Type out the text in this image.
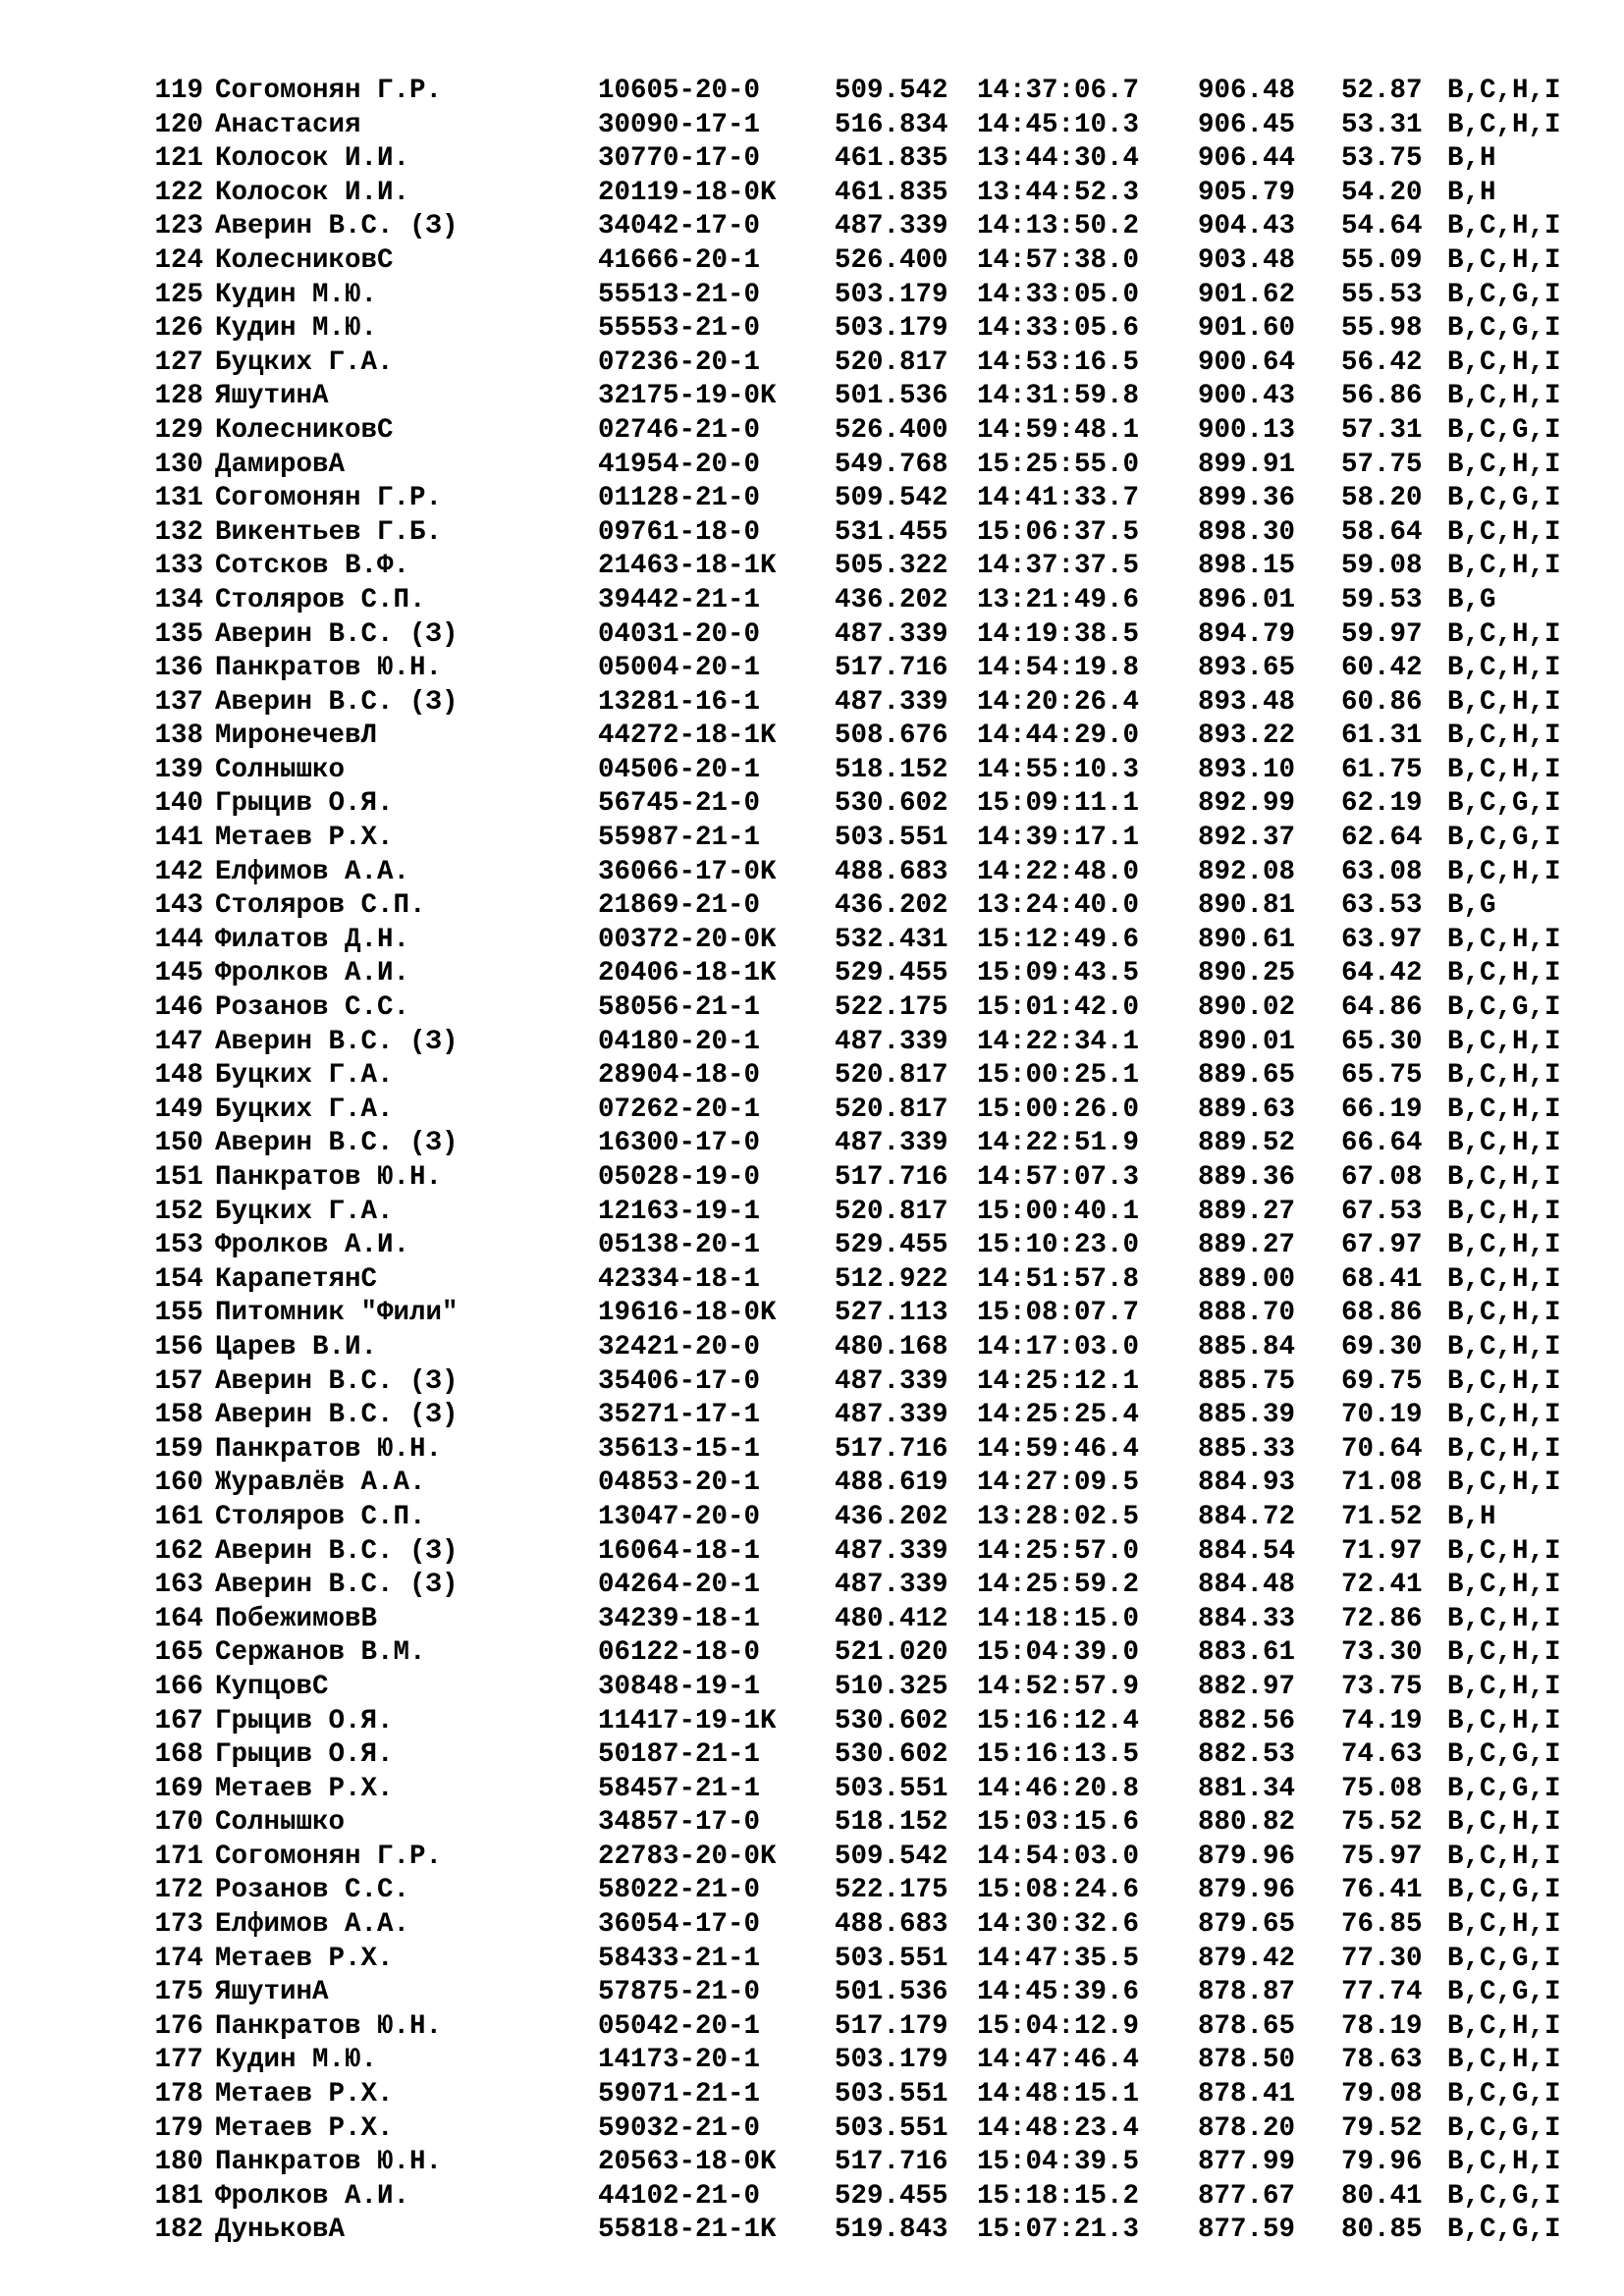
119 Согомонян Г.Р.	10605-20-0	509.542 14:37:06.7 906.48 52.87 B,C,H,I
120 Анастасия	30090-17-1	516.834 14:45:10.3 906.45 53.31 B,C,H,I
121 Колосок И.И.	30770-17-0	461.835 13:44:30.4 906.44 53.75 B,H
122 Колосок И.И.	20119-18-0K 461.835 13:44:52.3 905.79 54.20 B,H
123 Аверин В.С. (З)	34042-17-0	487.339 14:13:50.2 904.43 54.64 B,C,H,I
124 КолесниковС	41666-20-1	526.400 14:57:38.0 903.48 55.09 B,C,H,I
125 Кудин М.Ю.	55513-21-0	503.179 14:33:05.0 901.62 55.53 B,C,G,I
126 Кудин М.Ю.	55553-21-0	503.179 14:33:05.6 901.60 55.98 B,C,G,I
127 Буцких Г.А.	07236-20-1	520.817 14:53:16.5 900.64 56.42 B,C,H,I
128 ЯшутинА	32175-19-0K 501.536 14:31:59.8 900.43 56.86 B,C,H,I
129 КолесниковС	02746-21-0	526.400 14:59:48.1 900.13 57.31 B,C,G,I
130 ДамировА	41954-20-0	549.768 15:25:55.0 899.91 57.75 B,C,H,I
131 Согомонян Г.Р.	01128-21-0	509.542 14:41:33.7 899.36 58.20 B,C,G,I
132 Викентьев Г.Б.	09761-18-0	531.455 15:06:37.5 898.30 58.64 B,C,H,I
133 Сотсков В.Ф.	21463-18-1K 505.322 14:37:37.5 898.15 59.08 B,C,H,I
134 Столяров С.П.	39442-21-1	436.202 13:21:49.6 896.01 59.53 B,G
135 Аверин В.С. (З)	04031-20-0	487.339 14:19:38.5 894.79 59.97 B,C,H,I
136 Панкратов Ю.Н.	05004-20-1	517.716 14:54:19.8 893.65 60.42 B,C,H,I
137 Аверин В.С. (З)	13281-16-1	487.339 14:20:26.4 893.48 60.86 B,C,H,I
138 МиронечевЛ	44272-18-1K 508.676 14:44:29.0 893.22 61.31 B,C,H,I
139 Солнышко	04506-20-1	518.152 14:55:10.3 893.10 61.75 B,C,H,I
140 Грыцив О.Я.	56745-21-0	530.602 15:09:11.1 892.99 62.19 B,C,G,I
141 Метаев Р.Х.	55987-21-1	503.551 14:39:17.1 892.37 62.64 B,C,G,I
142 Елфимов А.А.	36066-17-0K 488.683 14:22:48.0 892.08 63.08 B,C,H,I
143 Столяров С.П.	21869-21-0	436.202 13:24:40.0 890.81 63.53 B,G
144 Филатов Д.Н.	00372-20-0K 532.431 15:12:49.6 890.61 63.97 B,C,H,I
145 Фролков А.И.	20406-18-1K 529.455 15:09:43.5 890.25 64.42 B,C,H,I
146 Розанов С.С.	58056-21-1	522.175 15:01:42.0 890.02 64.86 B,C,G,I
147 Аверин В.С. (З)	04180-20-1	487.339 14:22:34.1 890.01 65.30 B,C,H,I
148 Буцких Г.А.	28904-18-0	520.817 15:00:25.1 889.65 65.75 B,C,H,I
149 Буцких Г.А.	07262-20-1	520.817 15:00:26.0 889.63 66.19 B,C,H,I
150 Аверин В.С. (З)	16300-17-0	487.339 14:22:51.9 889.52 66.64 B,C,H,I
151 Панкратов Ю.Н.	05028-19-0	517.716 14:57:07.3 889.36 67.08 B,C,H,I
152 Буцких Г.А.	12163-19-1	520.817 15:00:40.1 889.27 67.53 B,C,H,I
153 Фролков А.И.	05138-20-1	529.455 15:10:23.0 889.27 67.97 B,C,H,I
154 КарапетянС	42334-18-1	512.922 14:51:57.8 889.00 68.41 B,C,H,I
155 Питомник "Фили"	19616-18-0K 527.113 15:08:07.7 888.70 68.86 B,C,H,I
156 Царев В.И.	32421-20-0	480.168 14:17:03.0 885.84 69.30 B,C,H,I
157 Аверин В.С. (З)	35406-17-0	487.339 14:25:12.1 885.75 69.75 B,C,H,I
158 Аверин В.С. (З)	35271-17-1	487.339 14:25:25.4 885.39 70.19 B,C,H,I
159 Панкратов Ю.Н.	35613-15-1	517.716 14:59:46.4 885.33 70.64 B,C,H,I
160 Журавлёв А.А.	04853-20-1	488.619 14:27:09.5 884.93 71.08 B,C,H,I
161 Столяров С.П.	13047-20-0	436.202 13:28:02.5 884.72 71.52 B,H
162 Аверин В.С. (З)	16064-18-1	487.339 14:25:57.0 884.54 71.97 B,C,H,I
163 Аверин В.С. (З)	04264-20-1	487.339 14:25:59.2 884.48 72.41 B,C,H,I
164 ПобежимовВ	34239-18-1	480.412 14:18:15.0 884.33 72.86 B,C,H,I
165 Сержанов В.М.	06122-18-0	521.020 15:04:39.0 883.61 73.30 B,C,H,I
166 КупцовС	30848-19-1	510.325 14:52:57.9 882.97 73.75 B,C,H,I
167 Грыцив О.Я.	11417-19-1K 530.602 15:16:12.4 882.56 74.19 B,C,H,I
168 Грыцив О.Я.	50187-21-1	530.602 15:16:13.5 882.53 74.63 B,C,G,I
169 Метаев Р.Х.	58457-21-1	503.551 14:46:20.8 881.34 75.08 B,C,G,I
170 Солнышко	34857-17-0	518.152 15:03:15.6 880.82 75.52 B,C,H,I
171 Согомонян Г.Р.	22783-20-0K 509.542 14:54:03.0 879.96 75.97 B,C,H,I
172 Розанов С.С.	58022-21-0	522.175 15:08:24.6 879.96 76.41 B,C,G,I
173 Елфимов А.А.	36054-17-0	488.683 14:30:32.6 879.65 76.85 B,C,H,I
174 Метаев Р.Х.	58433-21-1	503.551 14:47:35.5 879.42 77.30 B,C,G,I
175 ЯшутинА	57875-21-0	501.536 14:45:39.6 878.87 77.74 B,C,G,I
176 Панкратов Ю.Н.	05042-20-1	517.179 15:04:12.9 878.65 78.19 B,C,H,I
177 Кудин М.Ю.	14173-20-1	503.179 14:47:46.4 878.50 78.63 B,C,H,I
178 Метаев Р.Х.	59071-21-1	503.551 14:48:15.1 878.41 79.08 B,C,G,I
179 Метаев Р.Х.	59032-21-0	503.551 14:48:23.4 878.20 79.52 B,C,G,I
180 Панкратов Ю.Н.	20563-18-0K 517.716 15:04:39.5 877.99 79.96 B,C,H,I
181 Фролков А.И.	44102-21-0	529.455 15:18:15.2 877.67 80.41 B,C,G,I
182 ДуньковА	55818-21-1K 519.843 15:07:21.3 877.59 80.85 B,C,G,I
